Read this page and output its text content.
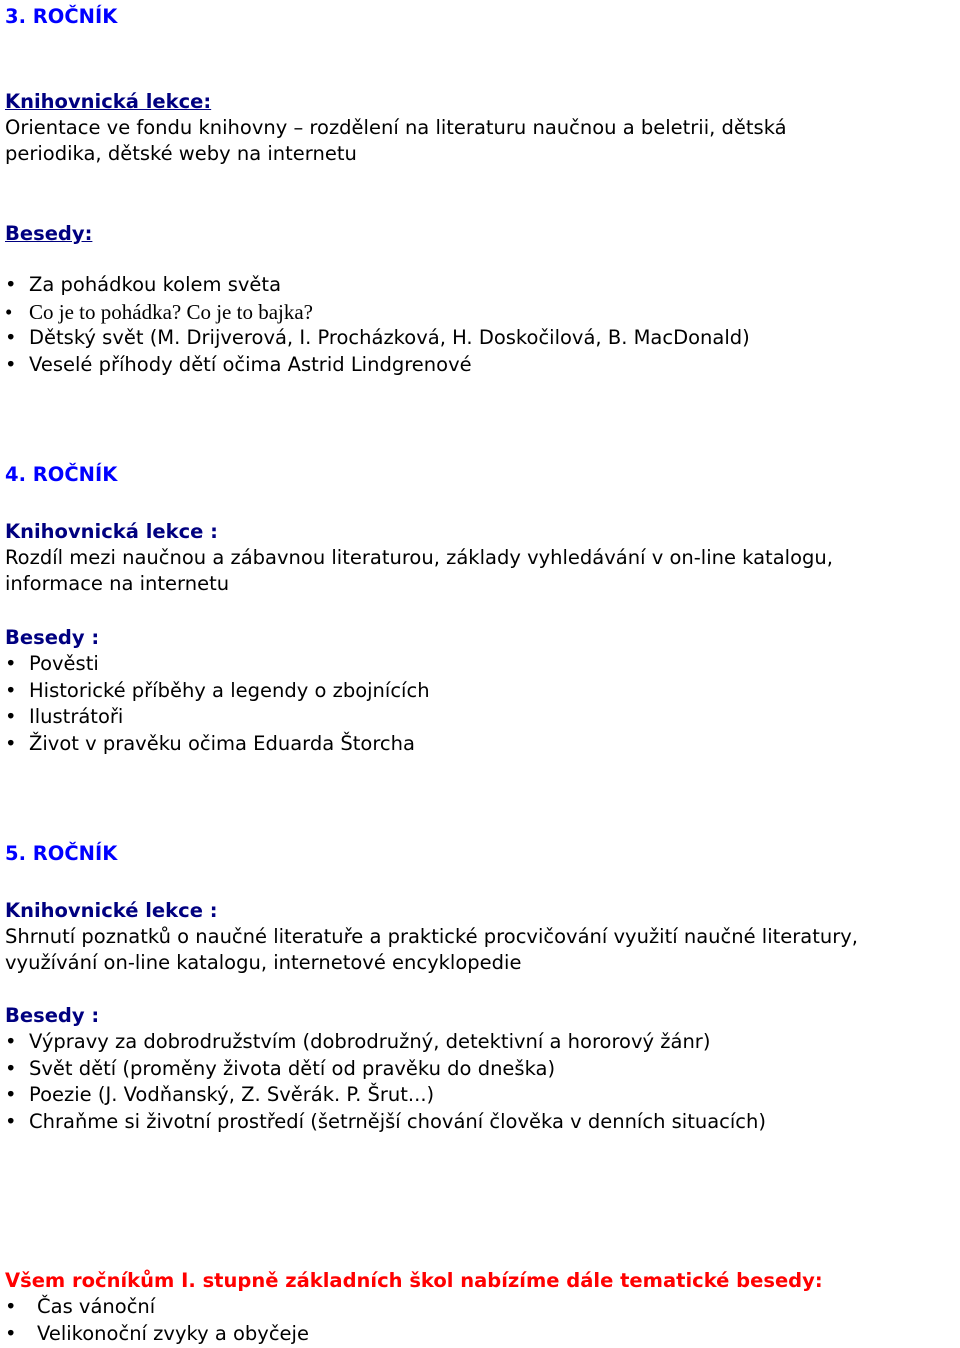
3. ROČNÍK
Knihovnická lekce:
Orientace ve fondu knihovny – rozdělení na literaturu naučnou a beletrii, dětská
periodika, dětské weby na internetu
Besedy:
• Za pohádkou kolem světa
• Co je to pohádka? Co je to bajka?
• Dětský svět (M. Drijverová, I. Procházková, H. Doskočilová, B. MacDonald)
• Veselé příhody dětí očima Astrid Lindgrenové
4. ROČNÍK
Knihovnická lekce :
Rozdíl mezi naučnou a zábavnou literaturou, základy vyhledávání v on-line katalogu,
informace na internetu
Besedy :
• Pověsti
• Historické příběhy a legendy o zbojnících
• Ilustrátoři
• Život v pravěku očima Eduarda Štorcha
5. ROČNÍK
Knihovnické lekce :
Shrnutí poznatků o naučné literatuře a praktické procvičování využití naučné literatury,
využívání on-line katalogu, internetové encyklopedie
Besedy :
• Výpravy za dobrodružstvím (dobrodružný, detektivní a hororový žánr)
• Svět dětí (proměny života dětí od pravěku do dneška)
• Poezie (J. Vodňanský, Z. Svěrák. P. Šrut...)
• Chraňme si životní prostředí (šetrnější chování člověka v denních situacích)
Všem ročníkům I. stupně základních škol nabízíme dále tematické besedy:
• Čas vánoční
• Velikonoční zvyky a obyčeje
